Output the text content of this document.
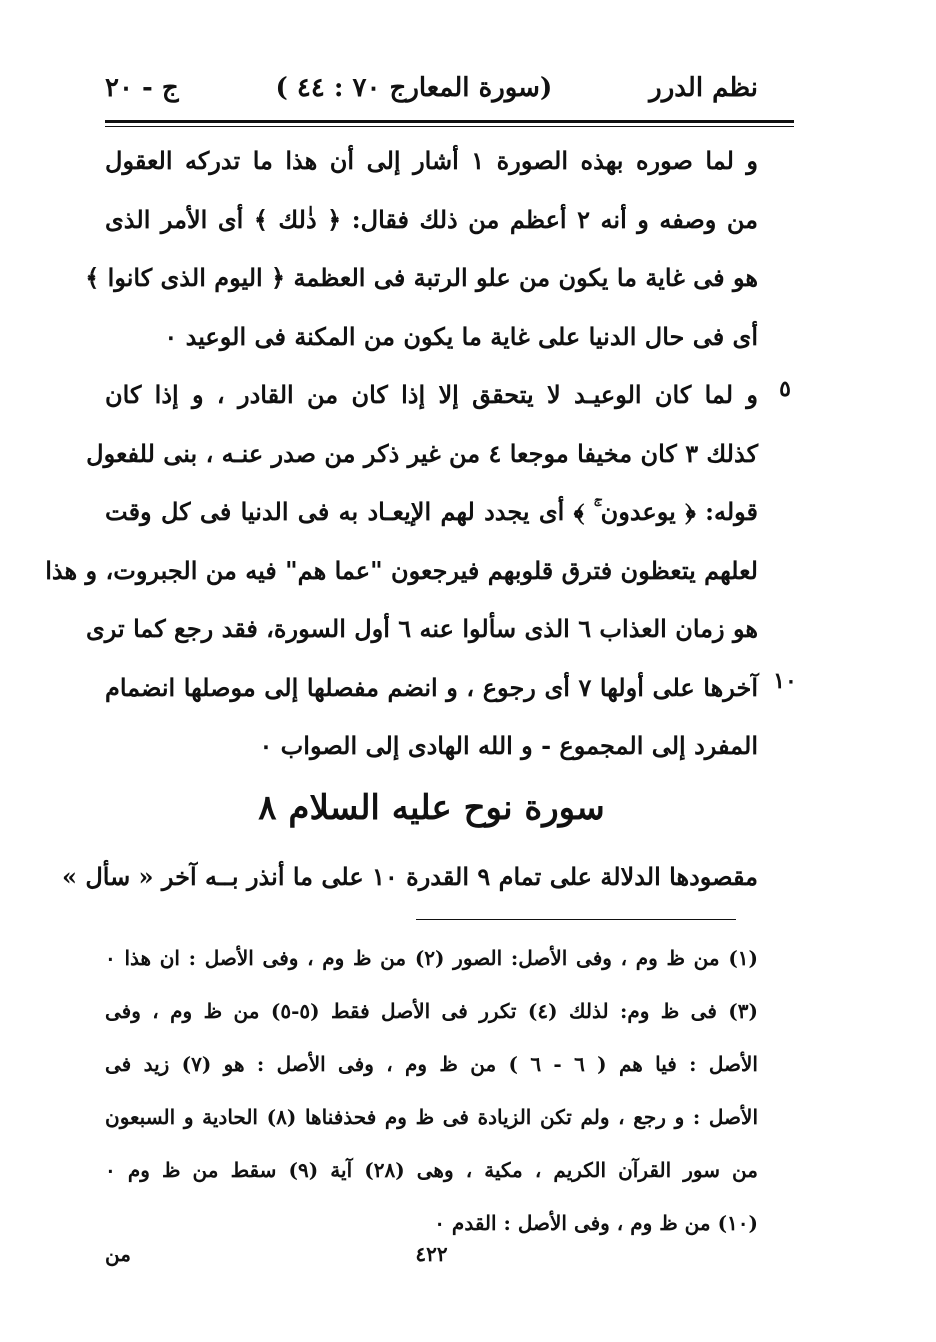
نظم الدرر
(سورة المعارج ٧٠ : ٤٤ )
ج - ٢٠
و لما صوره بهذه الصورة ۱ أشار إلى أن هذا ما تدركه العقول
من وصفه و أنه ۲ أعظم من ذلك فقال: ﴿ ذٰلك ﴾ أى الأمر الذى
هو فى غاية ما يكون من علو الرتبة فى العظمة ﴿ اليوم الذى كانوا ﴾
أى فى حال الدنيا على غاية ما يكون من المكنة فى الوعيد ٠
و لما كان الوعيـد لا يتحقق إلا إذا كان من القادر ، و إذا كان
كذلك ۳ كان مخيفا موجعا ٤ من غير ذكر من صدر عنـه ، بنى للفعول
قوله: ﴿ يوعدون ۚ ﴾ أى يجدد لهم الإيعـاد به فى الدنيا فى كل وقت
لعلهم يتعظون فترق قلوبهم فيرجعون "عما هم" فيه من الجبروت، و هذا
هو زمان العذاب ٦ الذى سألوا عنه ٦ أول السورة، فقد رجع كما ترى
آخرها على أولها ۷ أى رجوع ، و انضم مفصلها إلى موصلها انضمام
المفرد إلى المجموع - و الله الهادى إلى الصواب ٠
٥
١٠
سورة نوح عليه السلام ٨
مقصودها الدلالة على تمام ٩ القدرة ١٠ على ما أنذر بــه آخر « سأل »
(١) من ظ وم ، وفى الأصل: الصور (٢) من ظ وم ، وفى الأصل : ان هذا ٠
(٣) فى ظ وم: لذلك (٤) تكرر فى الأصل فقط (٥-٥) من ظ وم ، وفى
الأصل : فيا هم ( ٦ - ٦ ) من ظ وم ، وفى الأصل : هو (٧) زيد فى
الأصل : و رجع ، ولم تكن الزيادة فى ظ وم فحذفناها (٨) الحادية و السبعون
من سور القرآن الكريم ، مكية ، وهى (٢٨) آية (٩) سقط من ظ وم ٠
(١٠) من ظ وم ، وفى الأصل : القدم ٠
٤٢٢
من
